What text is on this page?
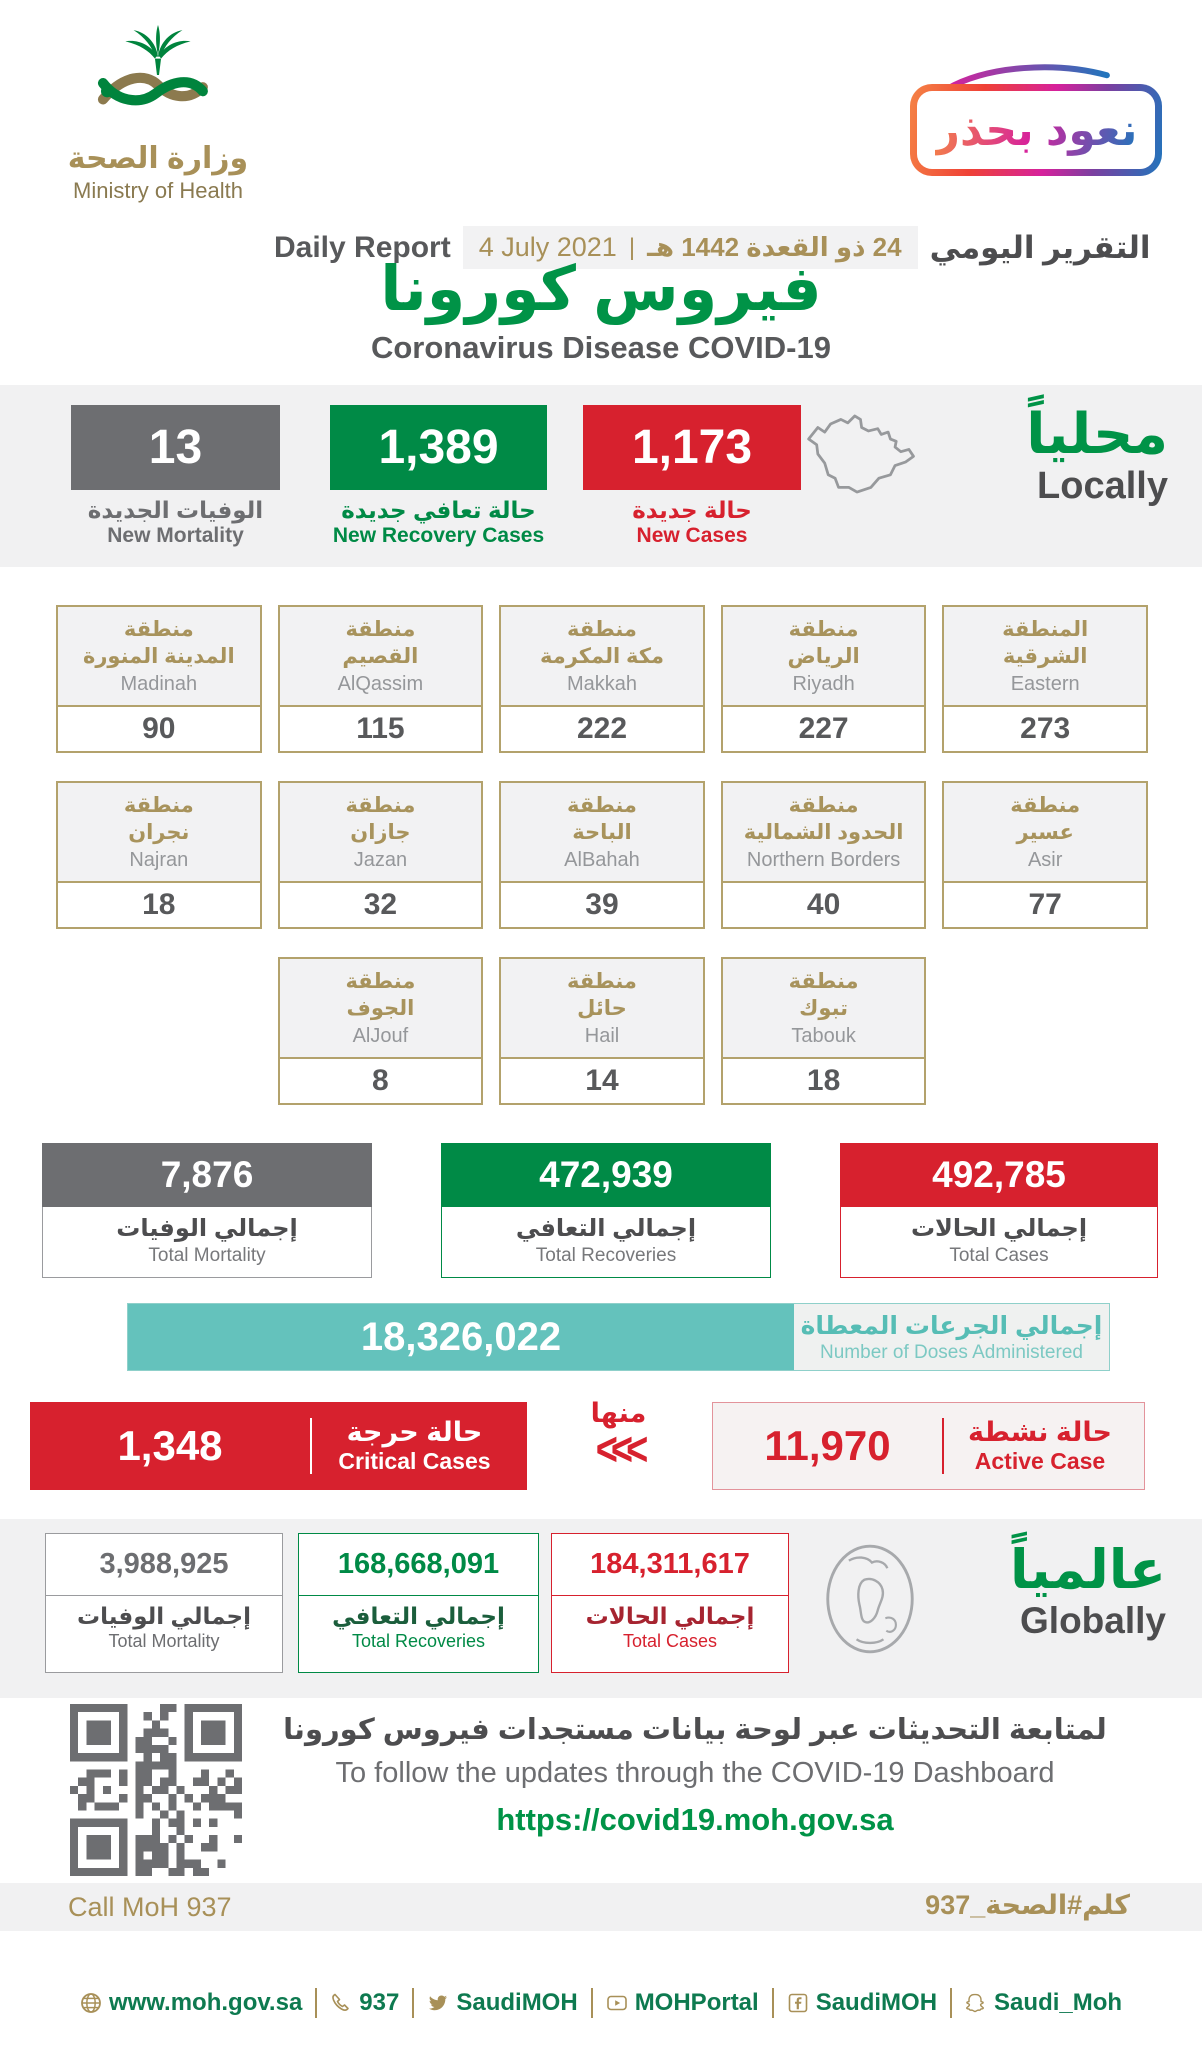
وزارة الصحة
Ministry of Health
نعود بحذر
Daily Report 4 July 2021 | 24 ذو القعدة 1442 هـ التقرير اليومي
فيروس كورونا
Coronavirus Disease COVID-19
13
الوفيات الجديدة
New Mortality
1,389
حالة تعافي جديدة
New Recovery Cases
1,173
حالة جديدة
New Cases
محلياً
Locally
منطقة
المدينة المنورة
Madinah
90
منطقة
القصيم
AlQassim
115
منطقة
مكة المكرمة
Makkah
222
منطقة
الرياض
Riyadh
227
المنطقة
الشرقية
Eastern
273
منطقة
نجران
Najran
18
منطقة
جازان
Jazan
32
منطقة
الباحة
AlBahah
39
منطقة
الحدود الشمالية
Northern Borders
40
منطقة
عسير
Asir
77
منطقة
الجوف
AlJouf
8
منطقة
حائل
Hail
14
منطقة
تبوك
Tabouk
18
7,876
إجمالي الوفيات
Total Mortality
472,939
إجمالي التعافي
Total Recoveries
492,785
إجمالي الحالات
Total Cases
18,326,022	إجمالي الجرعات المعطاة
Number of Doses Administered
1,348	حالة حرجة
Critical Cases
منها
<<<	11,970	حالة نشطة
Active Case
3,988,925
إجمالي الوفيات
Total Mortality
168,668,091
إجمالي التعافي
Total Recoveries
184,311,617
إجمالي الحالات
Total Cases
عالمياً
Globally
لمتابعة التحديثات عبر لوحة بيانات مستجدات فيروس كورونا
To follow the updates through the COVID-19 Dashboard
https://covid19.moh.gov.sa
Call MoH 937	كلم#الصحة_937
www.moh.gov.sa 937 SaudiMOH MOHPortal SaudiMOH Saudi_Moh
